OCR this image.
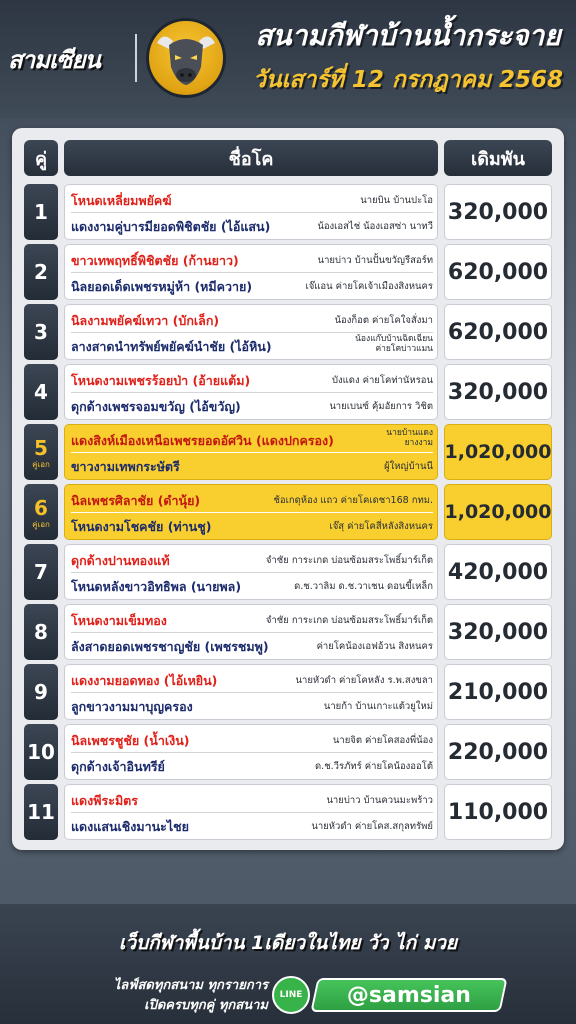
สามเซียน
สนามกีฬาบ้านน้ำกระจาย
วันเสาร์ที่ 12 กรกฎาคม 2568
คู่	ชื่อโค	เดิมพัน
1 โหนดเหลี่ยมพยัคฆ์	นายบิน บ้านปะโอ
แดงงามคู่บารมียอดพิชิตชัย (ไอ้แสน)	น้องเอสไช่ น้องเอสซ่า นาทวี
320,000
2 ขาวเทพฤทธิ์พิชิตชัย (ก้านยาว)	นายบ่าว บ้านปั้นขวัญรีสอร์ท
นิลยอดเด็ดเพชรหมู่ห้า (หมีควาย)	เจ๊แอน ค่ายโคเจ้าเมืองสิงหนคร
620,000
3 นิลงามพยัคฆ์เทวา (บักเล็ก)	น้องก็อต ค่ายโคใจสั่งมา
ลางสาดนำทรัพย์พยัคฆ์นำชัย (ไอ้หิน)	น้องแก๊บบ้านฉิดเฉียน
ค่ายโคบ่าวแมน
620,000
4 โหนดงามเพชรร้อยป่า (อ้ายแต้ม)	บังแดง ค่ายโคท่านัหรอน
ดุกด้างเพชรจอมขวัญ (ไอ้ขวัญ)	นายเบนซ์ คุ้มอัยการ วิชิต
320,000
5
คู่เอก
แดงสิงห์เมืองเหนือเพชรยอดอัศวิน (แดงปกครอง)	นายบ้านแดง
ยางงาม
ขาวงามเทพกระษัตรี	ผู้ใหญ่บ้านนี
1,020,000
6
คู่เอก
นิลเพชรศิลาชัย (ดำนุ้ย)	ช้อเกดุห้อง แถว ค่ายโคเดชา168 กทม.
โหนดงามโชคชัย (ท่านชู)	เจ๊สุ ค่ายโคสี่หลังสิงหนคร
1,020,000
7 ดุกด้างปานทองแท้	จำชัย การะเกด บ่อนซ้อมสระโพธิ์มาร์เก็ต
โหนดหลังขาวอิทธิพล (นายพล)	ด.ช.วาลิม ด.ช.วาเชน ดอนขี้เหล็ก
420,000
8 โหนดงามเข็มทอง	จำชัย การะเกด บ่อนซ้อมสระโพธิ์มาร์เก็ต
ลังสาดยอดเพชรชาญชัย (เพชรชมพู)	ค่ายโคน้องเอฟอ้วน สิงหนคร
320,000
9 แดงงามยอดทอง (ไอ้เหยิน)	นายหัวดำ ค่ายโคหลัง ร.พ.สงขลา
ลูกขาวงามมาบุญครอง	นายก้า บ้านเกาะแต้วยูใหม่
210,000
10 นิลเพชรชูชัย (น้ำเงิน)	นายจิต ค่ายโคสองพี่น้อง
ดุกด้างเจ้าอินทรีย์	ด.ช.วีรภัทร์ ค่ายโคน้องออโต้
220,000
11 แดงพีระมิตร	นายบ่าว บ้านควนมะพร้าว
แดงแสนเชิงมานะไชย	นายหัวดำ ค่ายโคส.สกุลทรัพย์
110,000
เว็บกีฬาพื้นบ้าน 1เดียวในไทย วัว ไก่ มวย
ไลฟ์สดทุกสนาม ทุกรายการ
เปิดครบทุกคู่ ทุกสนาม
LINE	@samsian
